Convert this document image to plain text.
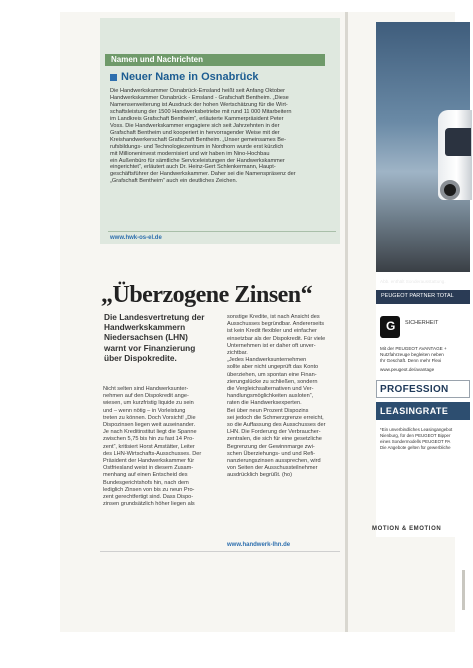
Namen und Nachrichten
Neuer Name in Osnabrück

Die Handwerkskammer Osnabrück-Emsland heißt seit Anfang Oktober

Handwerkskammer Osnabrück - Emsland - Grafschaft Bentheim. „Diese

Namenserweiterung ist Ausdruck der hohen Wertschätzung für die Wirt-

schaftsleistung der 1500 Handwerksbetriebe mit rund 11 000 Mitarbeitern

im Landkreis Grafschaft Bentheim“, erläuterte Kammerpräsident Peter

Voss. Die Handwerkskammer engagiere sich seit Jahrzehnten in der

Grafschaft Bentheim und kooperiert in hervorragender Weise mit der

Kreishandwerkerschaft Grafschaft Bentheim. „Unser gemeinsames Be-

rufsbildungs- und Technologiezentrum in Nordhorn wurde erst kürzlich

mit Millioneninvest modernisiert und wir haben im Nino-Hochbau

ein Außenbüro für sämtliche Serviceleistungen der Handwerkskammer

eingerichtet“, erläutert auch Dr. Heinz-Gert Schlenkermann, Haupt-

geschäftsführer der Handwerkskammer. Daher sei die Namenspräsenz der

„Grafschaft Bentheim“ auch ein deutliches Zeichen.

www.hwk-os-el.de
„Überzogene Zinsen“
Die Landesvertretung der
Handwerkskammern
Niedersachsen (LHN)
warnt vor Finanzierung
über Dispokredite.
Nicht selten sind Handwerksunter-
nehmen auf den Dispokredit ange-
wiesen, um kurzfristig liquide zu sein
und – wenn nötig – in Vorleistung
treten zu können. Doch Vorsicht! „Die
Dispozinsen liegen weit auseinander.
Je nach Kreditinstitut liegt die Spanne
zwischen 5,75 bis hin zu fast 14 Pro-
zent“, kritisiert Horst Amstätter, Leiter
des LHN-Wirtschafts-Ausschusses. Der
Präsident der Handwerkskammer für
Ostfriesland weist in diesem Zusam-
menhang auf einen Entscheid des
Bundesgerichtshofs hin, nach dem
lediglich Zinsen von bis zu neun Pro-
zent gerechtfertigt sind. Dass Dispo-
zinsen grundsätzlich höher liegen als
sonstige Kredite, ist nach Ansicht des
Ausschusses begründbar. Andererseits
ist kein Kredit flexibler und einfacher
einsetzbar als der Dispokredit. Für viele
Unternehmen ist er daher oft unver-
zichtbar.
„Jedes Handwerksunternehmen
sollte aber nicht ungeprüft das Konto
überziehen, um spontan eine Finan-
zierungslücke zu schließen, sondern
die Vergleichsalternativen und Ver-
handlungsmöglichkeiten ausloten“,
raten die Handwerksexperten.
Bei über neun Prozent Dispozins
sei jedoch die Schmerzgrenze erreicht,
so die Auffassung des Ausschusses der
LHN. Die Forderung der Verbraucher-
zentralen, die sich für eine gesetzliche
Begrenzung der Gewinnmarge zwi-
schen Überziehungs- und und Refi-
nanzierungszinsen aussprechen, wird
von Seiten der Ausschussteilnehmer
ausdrücklich begrüßt. (ho)
www.handwerk-lhn.de
Abb. enthält Sonderausstattung.
PEUGEOT PARTNER TOTAL
G SICHERHEIT
Mit der PEUGEOT AVANTAGE +
Nutzfahrzeuge begleiten neben
Ihr Geschäft. Denn mehr Flexi
www.peugeot.de/avantage
PROFESSION
LEASINGRATE
*Ein unverbindliches Leasingangebot
Nienburg, für den PEUGEOT Bipper
eines Sondermodells PEUGEOT PA
Die Angebote gelten für gewerbliche
MOTION & EMOTION
